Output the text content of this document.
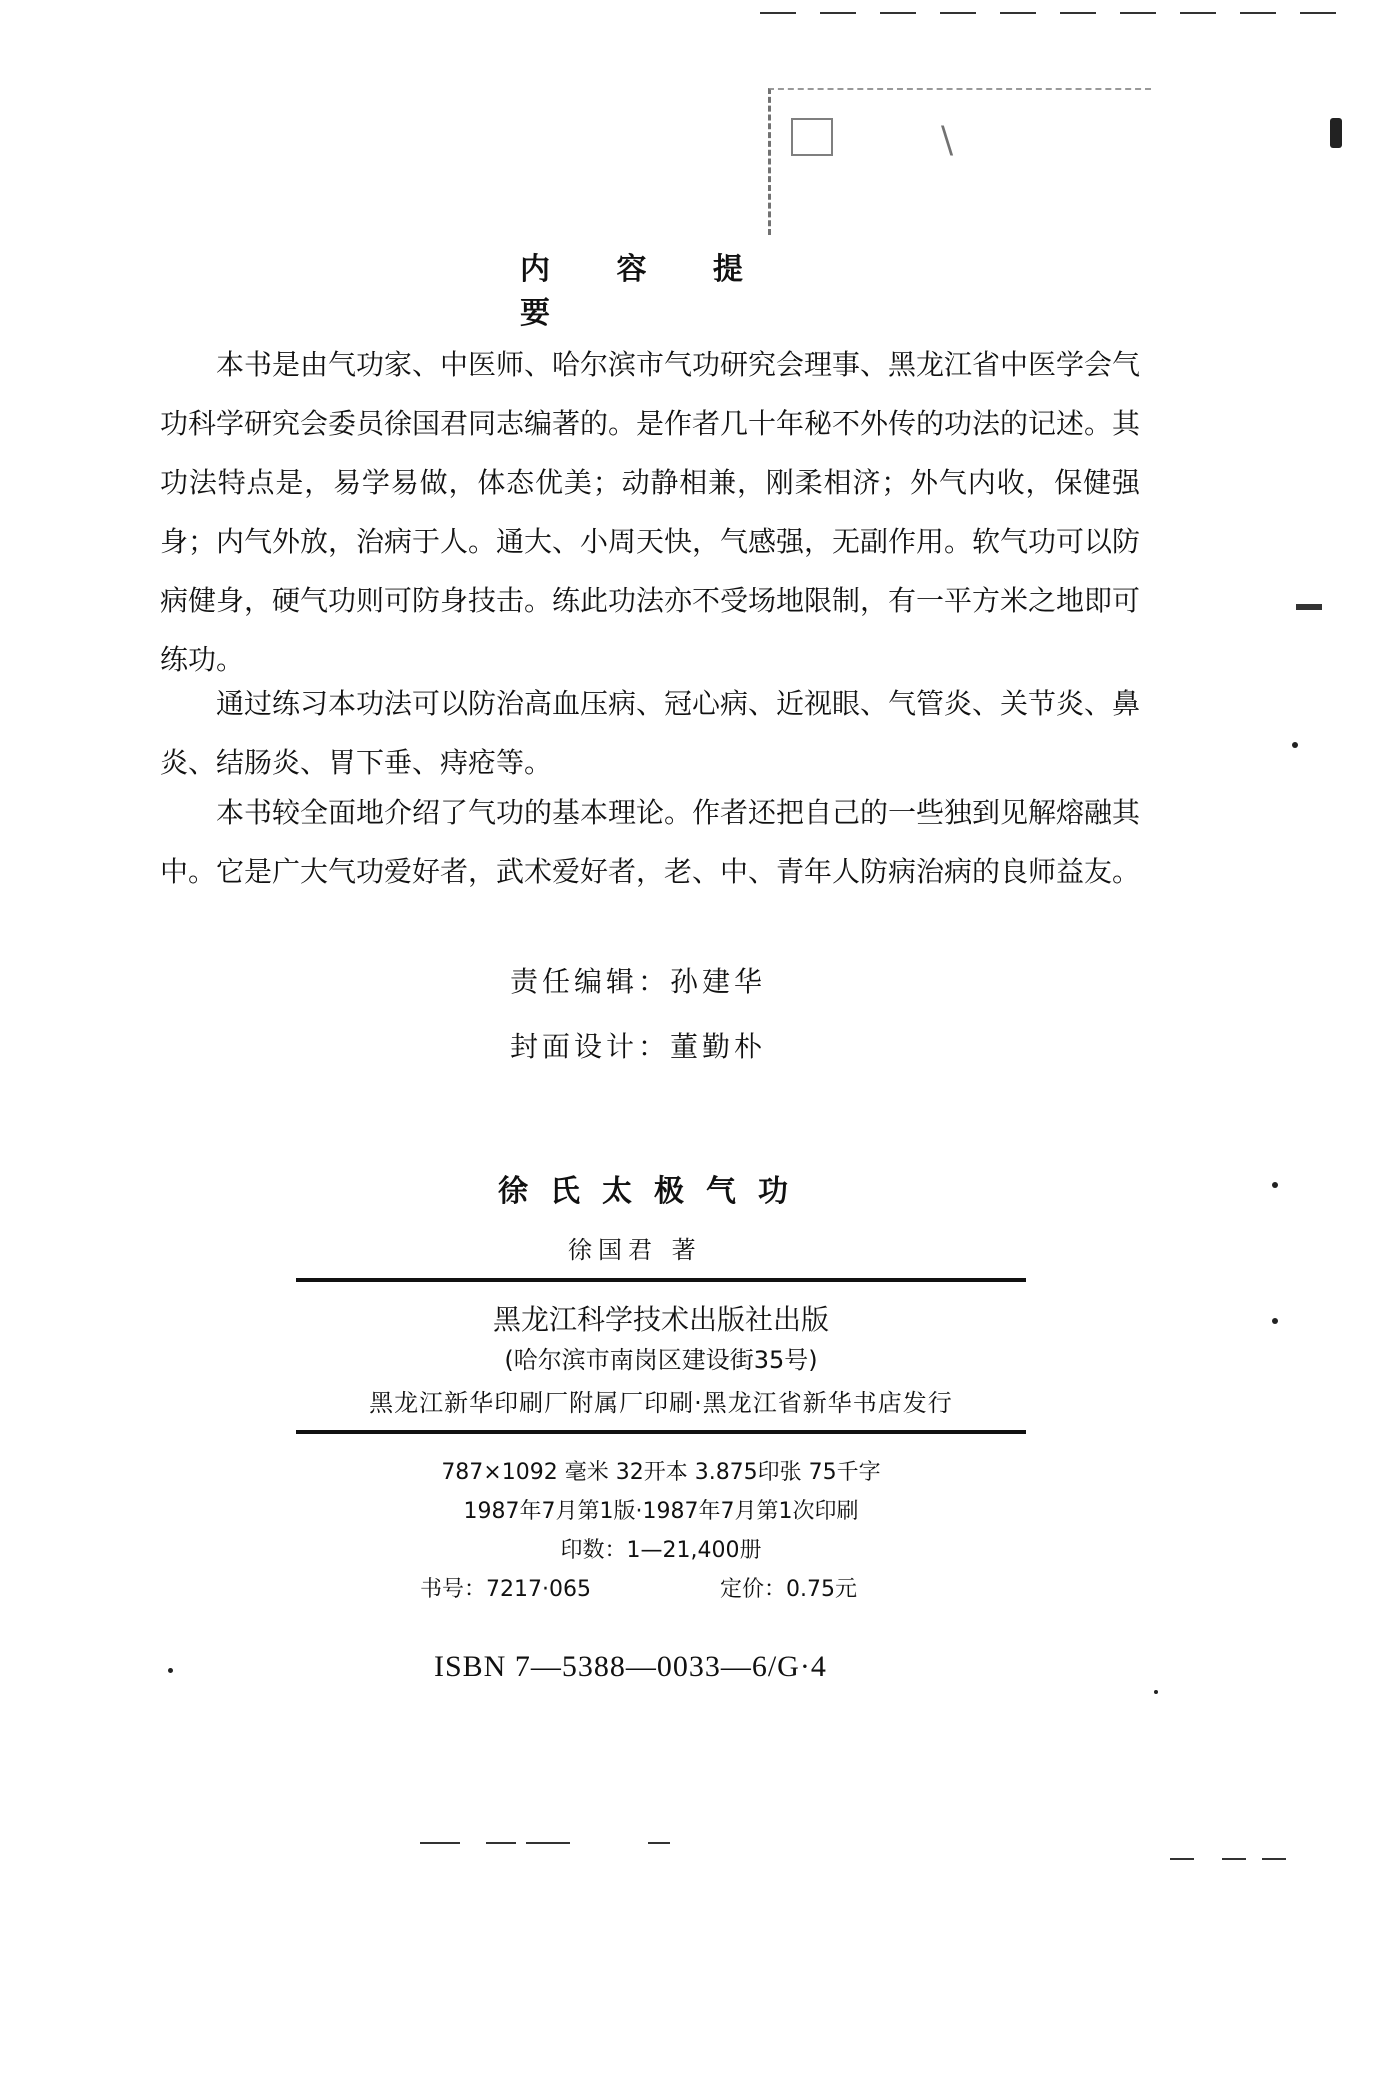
\
内 容 提 要
本书是由气功家、中医师、哈尔滨市气功研究会理事、黑龙江省中医学会气功科学研究会委员徐国君同志编著的。是作者几十年秘不外传的功法的记述。其功法特点是，易学易做，体态优美；动静相兼，刚柔相济；外气内收，保健强身；内气外放，治病于人。通大、小周天快，气感强，无副作用。软气功可以防病健身，硬气功则可防身技击。练此功法亦不受场地限制，有一平方米之地即可练功。
通过练习本功法可以防治高血压病、冠心病、近视眼、气管炎、关节炎、鼻炎、结肠炎、胃下垂、痔疮等。
本书较全面地介绍了气功的基本理论。作者还把自己的一些独到见解熔融其中。它是广大气功爱好者，武术爱好者，老、中、青年人防病治病的良师益友。
责任编辑：孙建华
封面设计：董勤朴
徐氏太极气功
徐国君 著
黑龙江科学技术出版社出版
(哈尔滨市南岗区建设街35号)
黑龙江新华印刷厂附属厂印刷·黑龙江省新华书店发行
787×1092 毫米 32开本 3.875印张 75千字
1987年7月第1版·1987年7月第1次印刷
印数：1—21,400册
书号：7217·065	定价：0.75元
ISBN 7—5388—0033—6/G·4
